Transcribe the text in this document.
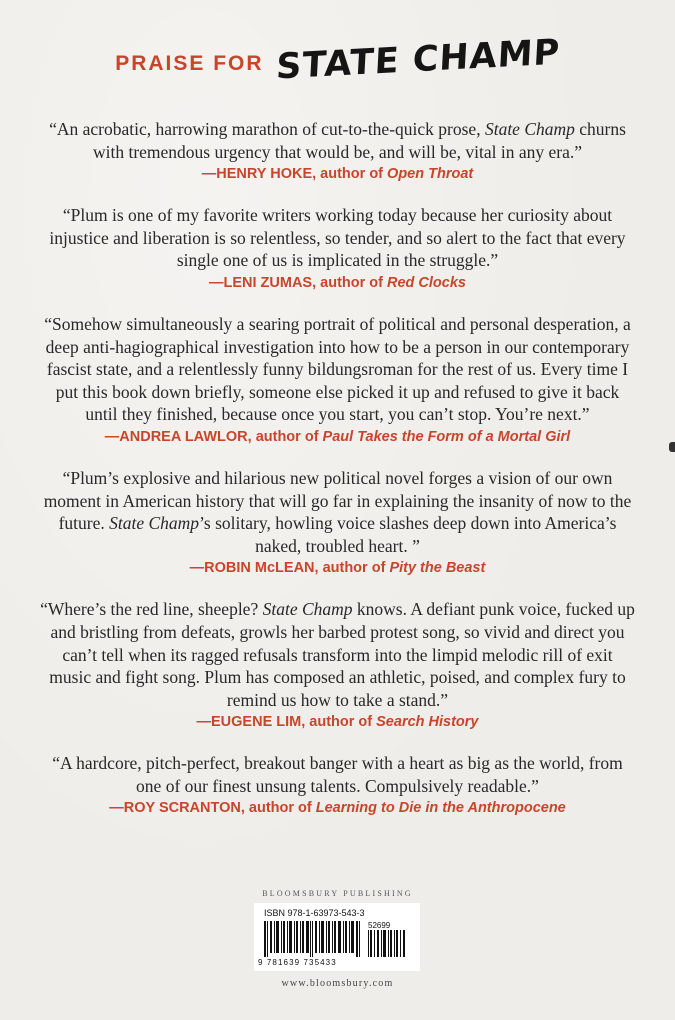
PRAISE FOR STATE CHAMP
“An acrobatic, harrowing marathon of cut-to-the-quick prose, State Champ churns with tremendous urgency that would be, and will be, vital in any era.”
—HENRY HOKE, author of Open Throat
“Plum is one of my favorite writers working today because her curiosity about injustice and liberation is so relentless, so tender, and so alert to the fact that every single one of us is implicated in the struggle.”
—LENI ZUMAS, author of Red Clocks
“Somehow simultaneously a searing portrait of political and personal desperation, a deep anti-hagiographical investigation into how to be a person in our contemporary fascist state, and a relentlessly funny bildungsroman for the rest of us. Every time I put this book down briefly, someone else picked it up and refused to give it back until they finished, because once you start, you can’t stop. You’re next.”
—ANDREA LAWLOR, author of Paul Takes the Form of a Mortal Girl
“Plum’s explosive and hilarious new political novel forges a vision of our own moment in American history that will go far in explaining the insanity of now to the future. State Champ’s solitary, howling voice slashes deep down into America’s naked, troubled heart. ”
—ROBIN McLEAN, author of Pity the Beast
“Where’s the red line, sheeple? State Champ knows. A defiant punk voice, fucked up and bristling from defeats, growls her barbed protest song, so vivid and direct you can’t tell when its ragged refusals transform into the limpid melodic rill of exit music and fight song. Plum has composed an athletic, poised, and complex fury to remind us how to take a stand.”
—EUGENE LIM, author of Search History
“A hardcore, pitch-perfect, breakout banger with a heart as big as the world, from one of our finest unsung talents. Compulsively readable.”
—ROY SCRANTON, author of Learning to Die in the Anthropocene
BLOOMSBURY PUBLISHING
ISBN 978-1-63973-543-3
52699
9 781639 735433
www.bloomsbury.com
